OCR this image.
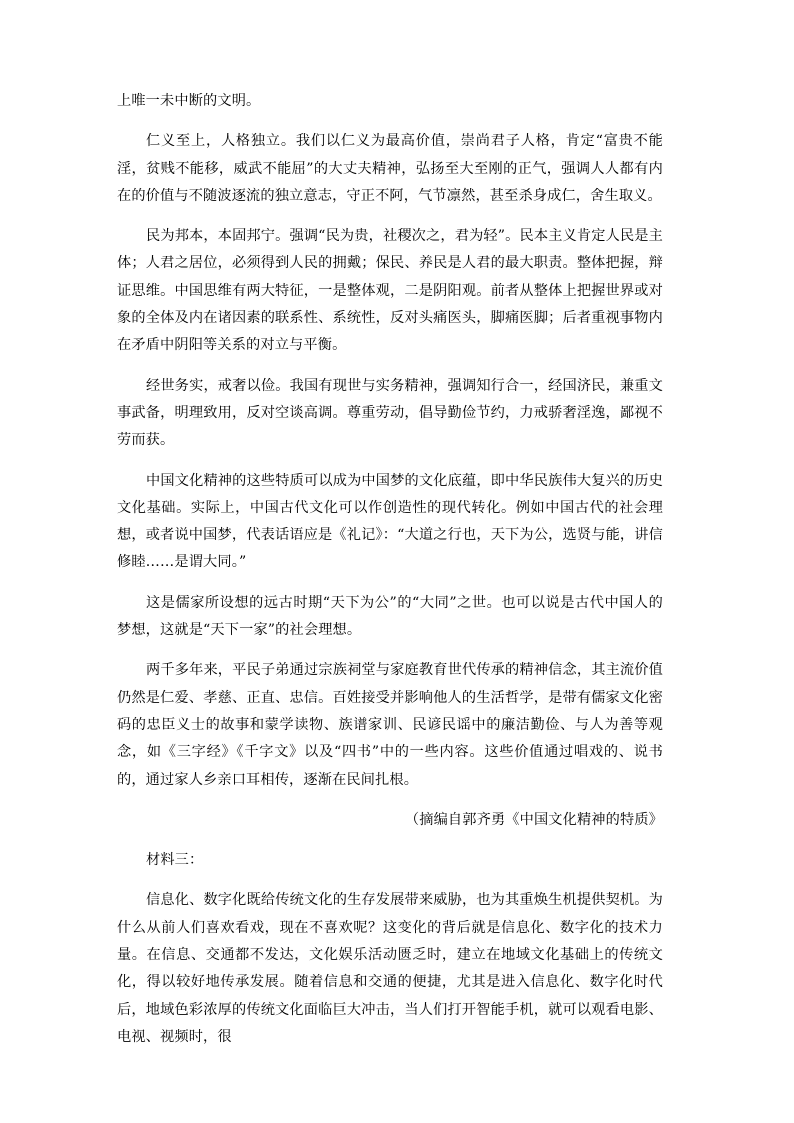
上唯一未中断的文明。

仁义至上，人格独立。我们以仁义为最高价值，崇尚君子人格，肯定“富贵不能淫，贫贱不能移，威武不能屈”的大丈夫精神，弘扬至大至刚的正气，强调人人都有内在的价值与不随波逐流的独立意志，守正不阿，气节凛然，甚至杀身成仁，舍生取义。

民为邦本，本固邦宁。强调“民为贵，社稷次之，君为轻”。民本主义肯定人民是主体；人君之居位，必须得到人民的拥戴；保民、养民是人君的最大职责。整体把握，辩证思维。中国思维有两大特征，一是整体观，二是阴阳观。前者从整体上把握世界或对象的全体及内在诸因素的联系性、系统性，反对头痛医头，脚痛医脚；后者重视事物内在矛盾中阴阳等关系的对立与平衡。

经世务实，戒奢以俭。我国有现世与实务精神，强调知行合一，经国济民，兼重文事武备，明理致用，反对空谈高调。尊重劳动，倡导勤俭节约，力戒骄奢淫逸，鄙视不劳而获。

中国文化精神的这些特质可以成为中国梦的文化底蕴，即中华民族伟大复兴的历史文化基础。实际上，中国古代文化可以作创造性的现代转化。例如中国古代的社会理想，或者说中国梦，代表话语应是《礼记》：“大道之行也，天下为公，选贤与能，讲信修睦……是谓大同。”

这是儒家所设想的远古时期“天下为公”的“大同”之世。也可以说是古代中国人的梦想，这就是“天下一家”的社会理想。

两千多年来，平民子弟通过宗族祠堂与家庭教育世代传承的精神信念，其主流价值仍然是仁爱、孝慈、正直、忠信。百姓接受并影响他人的生活哲学，是带有儒家文化密码的忠臣义士的故事和蒙学读物、族谱家训、民谚民谣中的廉洁勤俭、与人为善等观念，如《三字经》《千字文》以及“四书”中的一些内容。这些价值通过唱戏的、说书的，通过家人乡亲口耳相传，逐渐在民间扎根。

（摘编自郭齐勇《中国文化精神的特质》

材料三：

信息化、数字化既给传统文化的生存发展带来威胁，也为其重焕生机提供契机。为什么从前人们喜欢看戏，现在不喜欢呢？这变化的背后就是信息化、数字化的技术力量。在信息、交通都不发达，文化娱乐活动匮乏时，建立在地域文化基础上的传统文化，得以较好地传承发展。随着信息和交通的便捷，尤其是进入信息化、数字化时代后，地域色彩浓厚的传统文化面临巨大冲击，当人们打开智能手机，就可以观看电影、电视、视频时，很
